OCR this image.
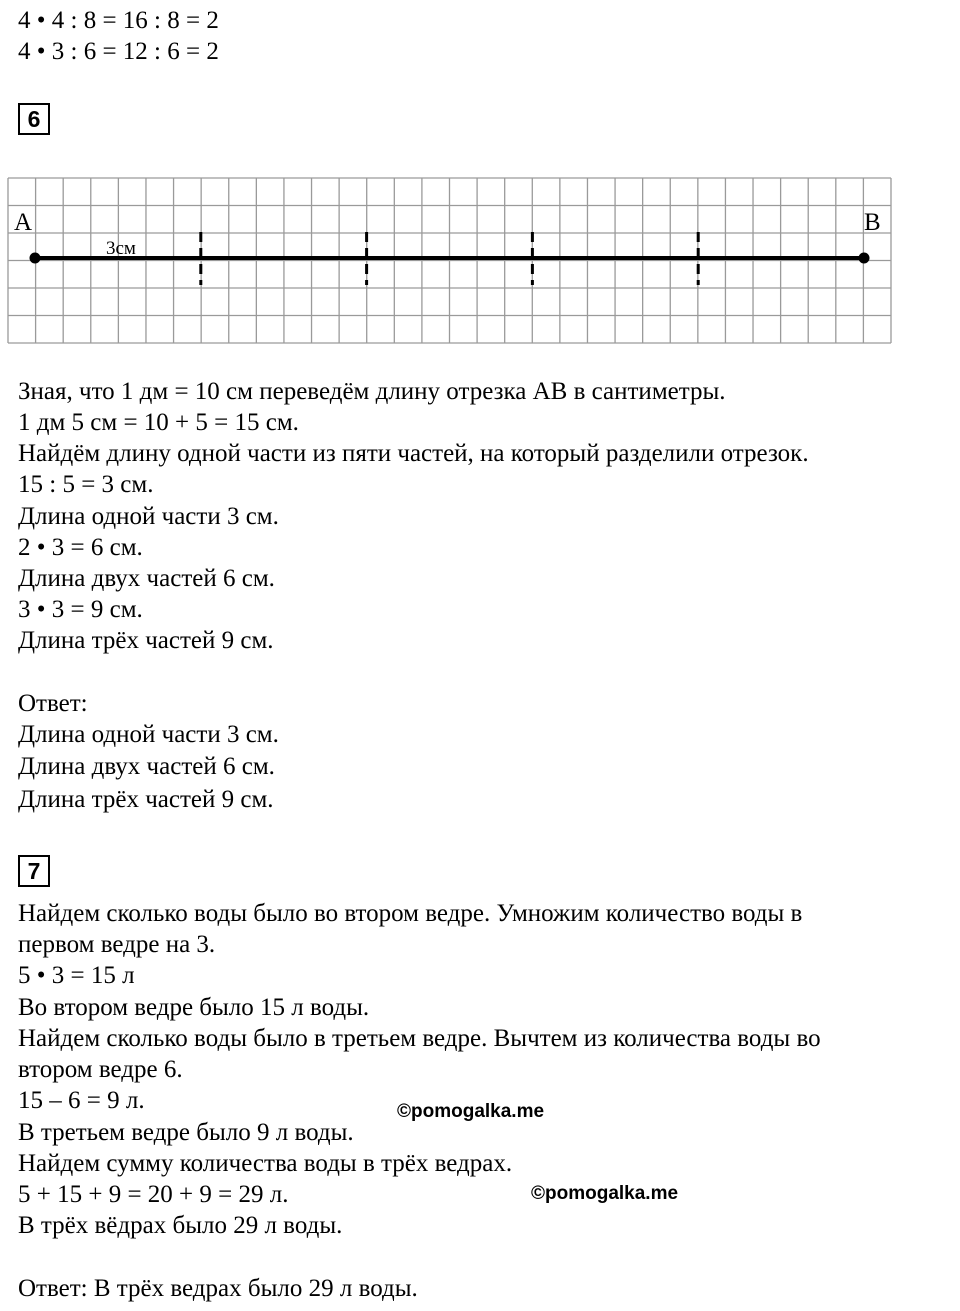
4 • 4 : 8 = 16 : 8 = 2
4 • 3 : 6 = 12 : 6 = 2
6
A	B
3см
Зная, что 1 дм = 10 см переведём длину отрезка АВ в сантиметры.
1 дм 5 см = 10 + 5 = 15 см.
Найдём длину одной части из пяти частей, на который разделили отрезок.
15 : 5 = 3 см.
Длина одной части 3 см.
2 • 3 = 6 см.
Длина двух частей 6 см.
3 • 3 = 9 см.
Длина трёх частей 9 см.
Ответ:
Длина одной части 3 см.
Длина двух частей 6 см.
Длина трёх частей 9 см.
7
Найдем сколько воды было во втором ведре. Умножим количество воды в
первом ведре на 3.
5 • 3 = 15 л
Во втором ведре было 15 л воды.
Найдем сколько воды было в третьем ведре. Вычтем из количества воды во
втором ведре 6.
15 – 6 = 9 л.
В третьем ведре было 9 л воды.
Найдем сумму количества воды в трёх ведрах.
5 + 15 + 9 = 20 + 9 = 29 л.
В трёх вёдрах было 29 л воды.
Ответ: В трёх ведрах было 29 л воды.
©pomogalka.me
©pomogalka.me
